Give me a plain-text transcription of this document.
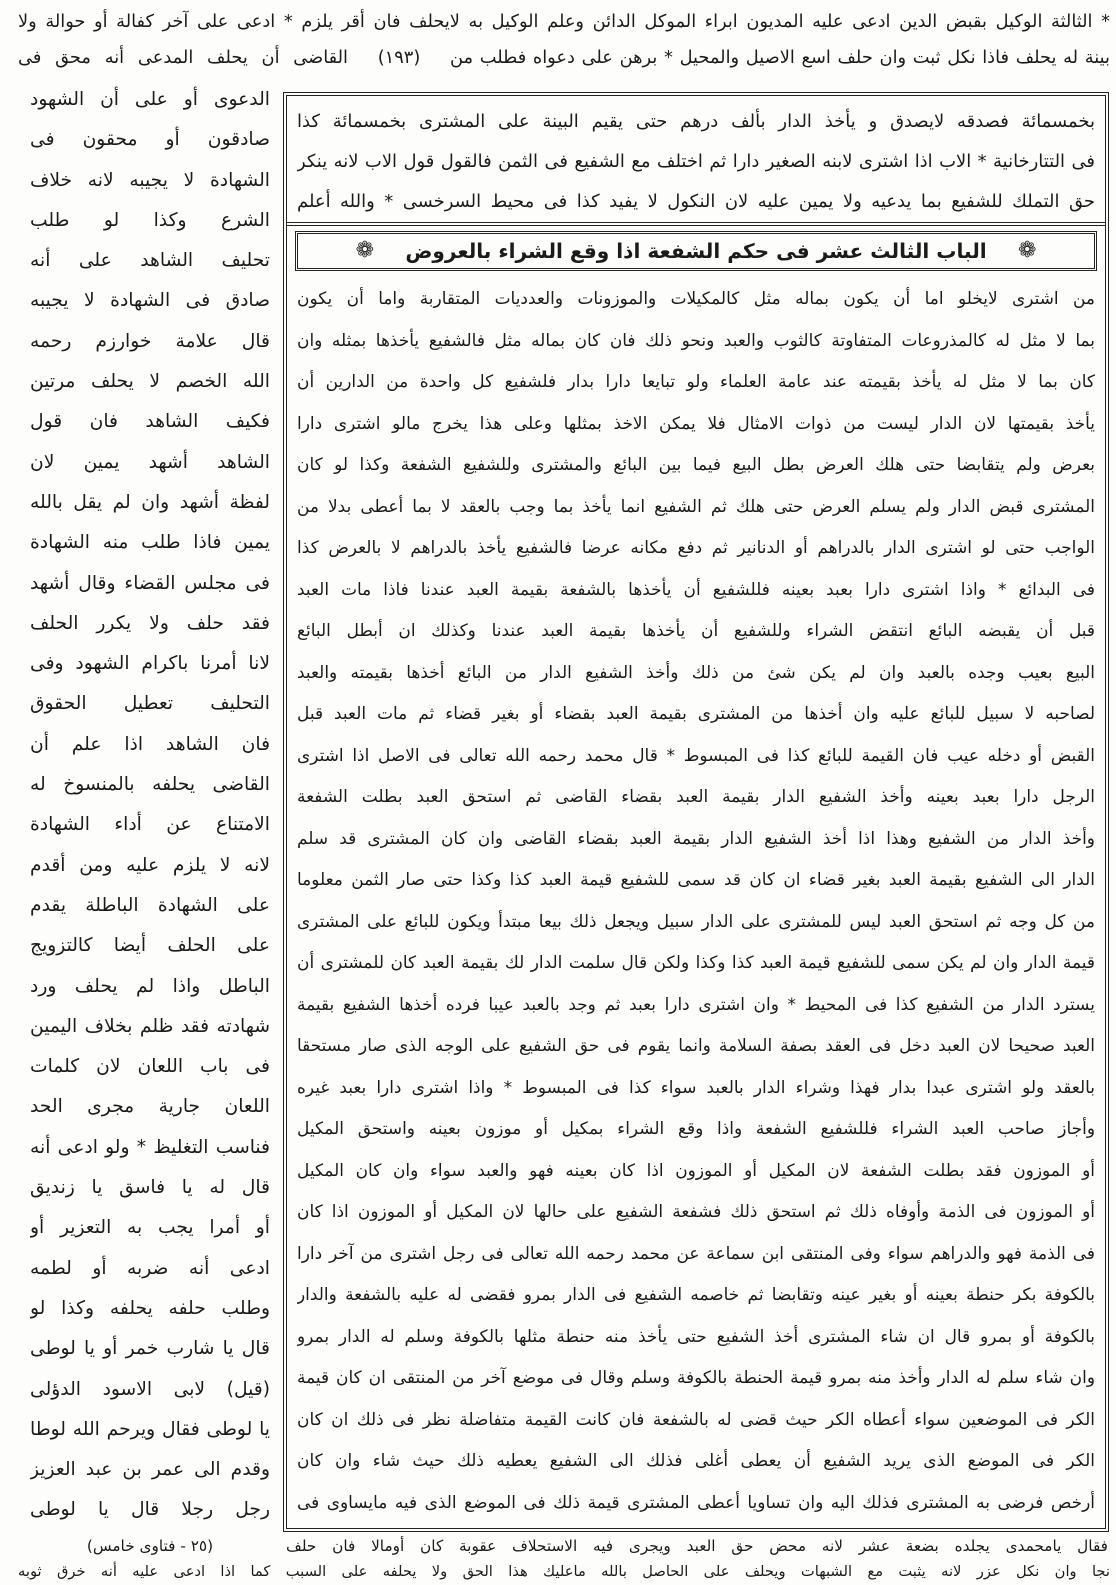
* الثالثة الوكيل بقبض الدين ادعى عليه المديون ابراء الموكل الدائن وعلم الوكيل به لايحلف فان أقر يلزم * ادعى على آخر كفالة أو حوالة ولا
بينة له يحلف فاذا نكل ثبت وان حلف اسع الاصيل والمحيل * برهن على دعواه فطلب من
(١٩٣)
القاضى أن يحلف المدعى أنه محق فى
الدعوى أو على أن الشهود
صادقون أو محقون فى
الشهادة لا يجيبه لانه خلاف
الشرع وكذا لو طلب
تحليف الشاهد على أنه
صادق فى الشهادة لا يجيبه
قال علامة خوارزم رحمه
الله الخصم لا يحلف مرتين
فكيف الشاهد فان قول
الشاهد أشهد يمين لان
لفظة أشهد وان لم يقل بالله
يمين فاذا طلب منه الشهادة
فى مجلس القضاء وقال أشهد
فقد حلف ولا يكرر الحلف
لانا أمرنا باكرام الشهود وفى
التحليف تعطيل الحقوق
فان الشاهد اذا علم أن
القاضى يحلفه بالمنسوخ له
الامتناع عن أداء الشهادة
لانه لا يلزم عليه ومن أقدم
على الشهادة الباطلة يقدم
على الحلف أيضا كالتزويج
الباطل واذا لم يحلف ورد
شهادته فقد ظلم بخلاف اليمين
فى باب اللعان لان كلمات
اللعان جارية مجرى الحد
فناسب التغليظ * ولو ادعى أنه
قال له يا فاسق يا زنديق
أو أمرا يجب به التعزير أو
ادعى أنه ضربه أو لطمه
وطلب حلفه يحلفه وكذا لو
قال يا شارب خمر أو يا لوطى
(قيل) لابى الاسود الدؤلى
يا لوطى فقال ويرحم الله لوطا
وقدم الى عمر بن عبد العزيز
رجل رجلا قال يا لوطى
بخمسمائة فصدقه لايصدق و يأخذ الدار بألف درهم حتى يقيم البينة على المشترى بخمسمائة كذا
فى التتارخانية * الاب اذا اشترى لابنه الصغير دارا ثم اختلف مع الشفيع فى الثمن فالقول قول الاب لانه ينكر
حق التملك للشفيع بما يدعيه ولا يمين عليه لان النكول لا يفيد كذا فى محيط السرخسى * والله أعلم
❁
الباب الثالث عشر فى حكم الشفعة اذا وقع الشراء بالعروض
❁
من اشترى لايخلو اما أن يكون بماله مثل كالمكيلات والموزونات والعدديات المتقاربة واما أن يكون
بما لا مثل له كالمذروعات المتفاوتة كالثوب والعبد ونحو ذلك فان كان بماله مثل فالشفيع يأخذها بمثله وان
كان بما لا مثل له يأخذ بقيمته عند عامة العلماء ولو تبايعا دارا بدار فلشفيع كل واحدة من الدارين أن
يأخذ بقيمتها لان الدار ليست من ذوات الامثال فلا يمكن الاخذ بمثلها وعلى هذا يخرج مالو اشترى دارا
بعرض ولم يتقابضا حتى هلك العرض بطل البيع فيما بين البائع والمشترى وللشفيع الشفعة وكذا لو كان
المشترى قبض الدار ولم يسلم العرض حتى هلك ثم الشفيع انما يأخذ بما وجب بالعقد لا بما أعطى بدلا من
الواجب حتى لو اشترى الدار بالدراهم أو الدنانير ثم دفع مكانه عرضا فالشفيع يأخذ بالدراهم لا بالعرض كذا
فى البدائع * واذا اشترى دارا بعبد بعينه فللشفيع أن يأخذها بالشفعة بقيمة العبد عندنا فاذا مات العبد
قبل أن يقبضه البائع انتقض الشراء وللشفيع أن يأخذها بقيمة العبد عندنا وكذلك ان أبطل البائع
البيع بعيب وجده بالعبد وان لم يكن شئ من ذلك وأخذ الشفيع الدار من البائع أخذها بقيمته والعبد
لصاحبه لا سبيل للبائع عليه وان أخذها من المشترى بقيمة العبد بقضاء أو بغير قضاء ثم مات العبد قبل
القبض أو دخله عيب فان القيمة للبائع كذا فى المبسوط * قال محمد رحمه الله تعالى فى الاصل اذا اشترى
الرجل دارا بعبد بعينه وأخذ الشفيع الدار بقيمة العبد بقضاء القاضى ثم استحق العبد بطلت الشفعة
وأخذ الدار من الشفيع وهذا اذا أخذ الشفيع الدار بقيمة العبد بقضاء القاضى وان كان المشترى قد سلم
الدار الى الشفيع بقيمة العبد بغير قضاء ان كان قد سمى للشفيع قيمة العبد كذا وكذا حتى صار الثمن معلوما
من كل وجه ثم استحق العبد ليس للمشترى على الدار سبيل ويجعل ذلك بيعا مبتدأ ويكون للبائع على المشترى
قيمة الدار وان لم يكن سمى للشفيع قيمة العبد كذا وكذا ولكن قال سلمت الدار لك بقيمة العبد كان للمشترى أن
يسترد الدار من الشفيع كذا فى المحيط * وان اشترى دارا بعبد ثم وجد بالعبد عيبا فرده أخذها الشفيع بقيمة
العبد صحيحا لان العبد دخل فى العقد بصفة السلامة وانما يقوم فى حق الشفيع على الوجه الذى صار مستحقا
بالعقد ولو اشترى عبدا بدار فهذا وشراء الدار بالعبد سواء كذا فى المبسوط * واذا اشترى دارا بعبد غيره
وأجاز صاحب العبد الشراء فللشفيع الشفعة واذا وقع الشراء بمكيل أو موزون بعينه واستحق المكيل
أو الموزون فقد بطلت الشفعة لان المكيل أو الموزون اذا كان بعينه فهو والعبد سواء وان كان المكيل
أو الموزون فى الذمة وأوفاه ذلك ثم استحق ذلك فشفعة الشفيع على حالها لان المكيل أو الموزون اذا كان
فى الذمة فهو والدراهم سواء وفى المنتقى ابن سماعة عن محمد رحمه الله تعالى فى رجل اشترى من آخر دارا
بالكوفة بكر حنطة بعينه أو بغير عينه وتقابضا ثم خاصمه الشفيع فى الدار بمرو فقضى له عليه بالشفعة والدار
بالكوفة أو بمرو قال ان شاء المشترى أخذ الشفيع حتى يأخذ منه حنطة مثلها بالكوفة وسلم له الدار بمرو
وان شاء سلم له الدار وأخذ منه بمرو قيمة الحنطة بالكوفة وسلم وقال فى موضع آخر من المنتقى ان كان قيمة
الكر فى الموضعين سواء أعطاه الكر حيث قضى له بالشفعة فان كانت القيمة متفاضلة نظر فى ذلك ان كان
الكر فى الموضع الذى يريد الشفيع أن يعطى أغلى فذلك الى الشفيع يعطيه ذلك حيث شاء وان كان
أرخص فرضى به المشترى فذلك اليه وان تساويا أعطى المشترى قيمة ذلك فى الموضع الذى فيه مايساوى فى
فقال يامحمدى يجلده بضعة عشر لانه محض حق العبد ويجرى فيه الاستحلاف عقوبة كان أومالا فان حلف
(٢٥ - فتاوى خامس)
نجا وان نكل عزر لانه يثبت مع الشبهات ويحلف على الحاصل بالله ماعليك هذا الحق ولا يحلفه على السبب كما اذا ادعى عليه أنه خرق ثوبه
